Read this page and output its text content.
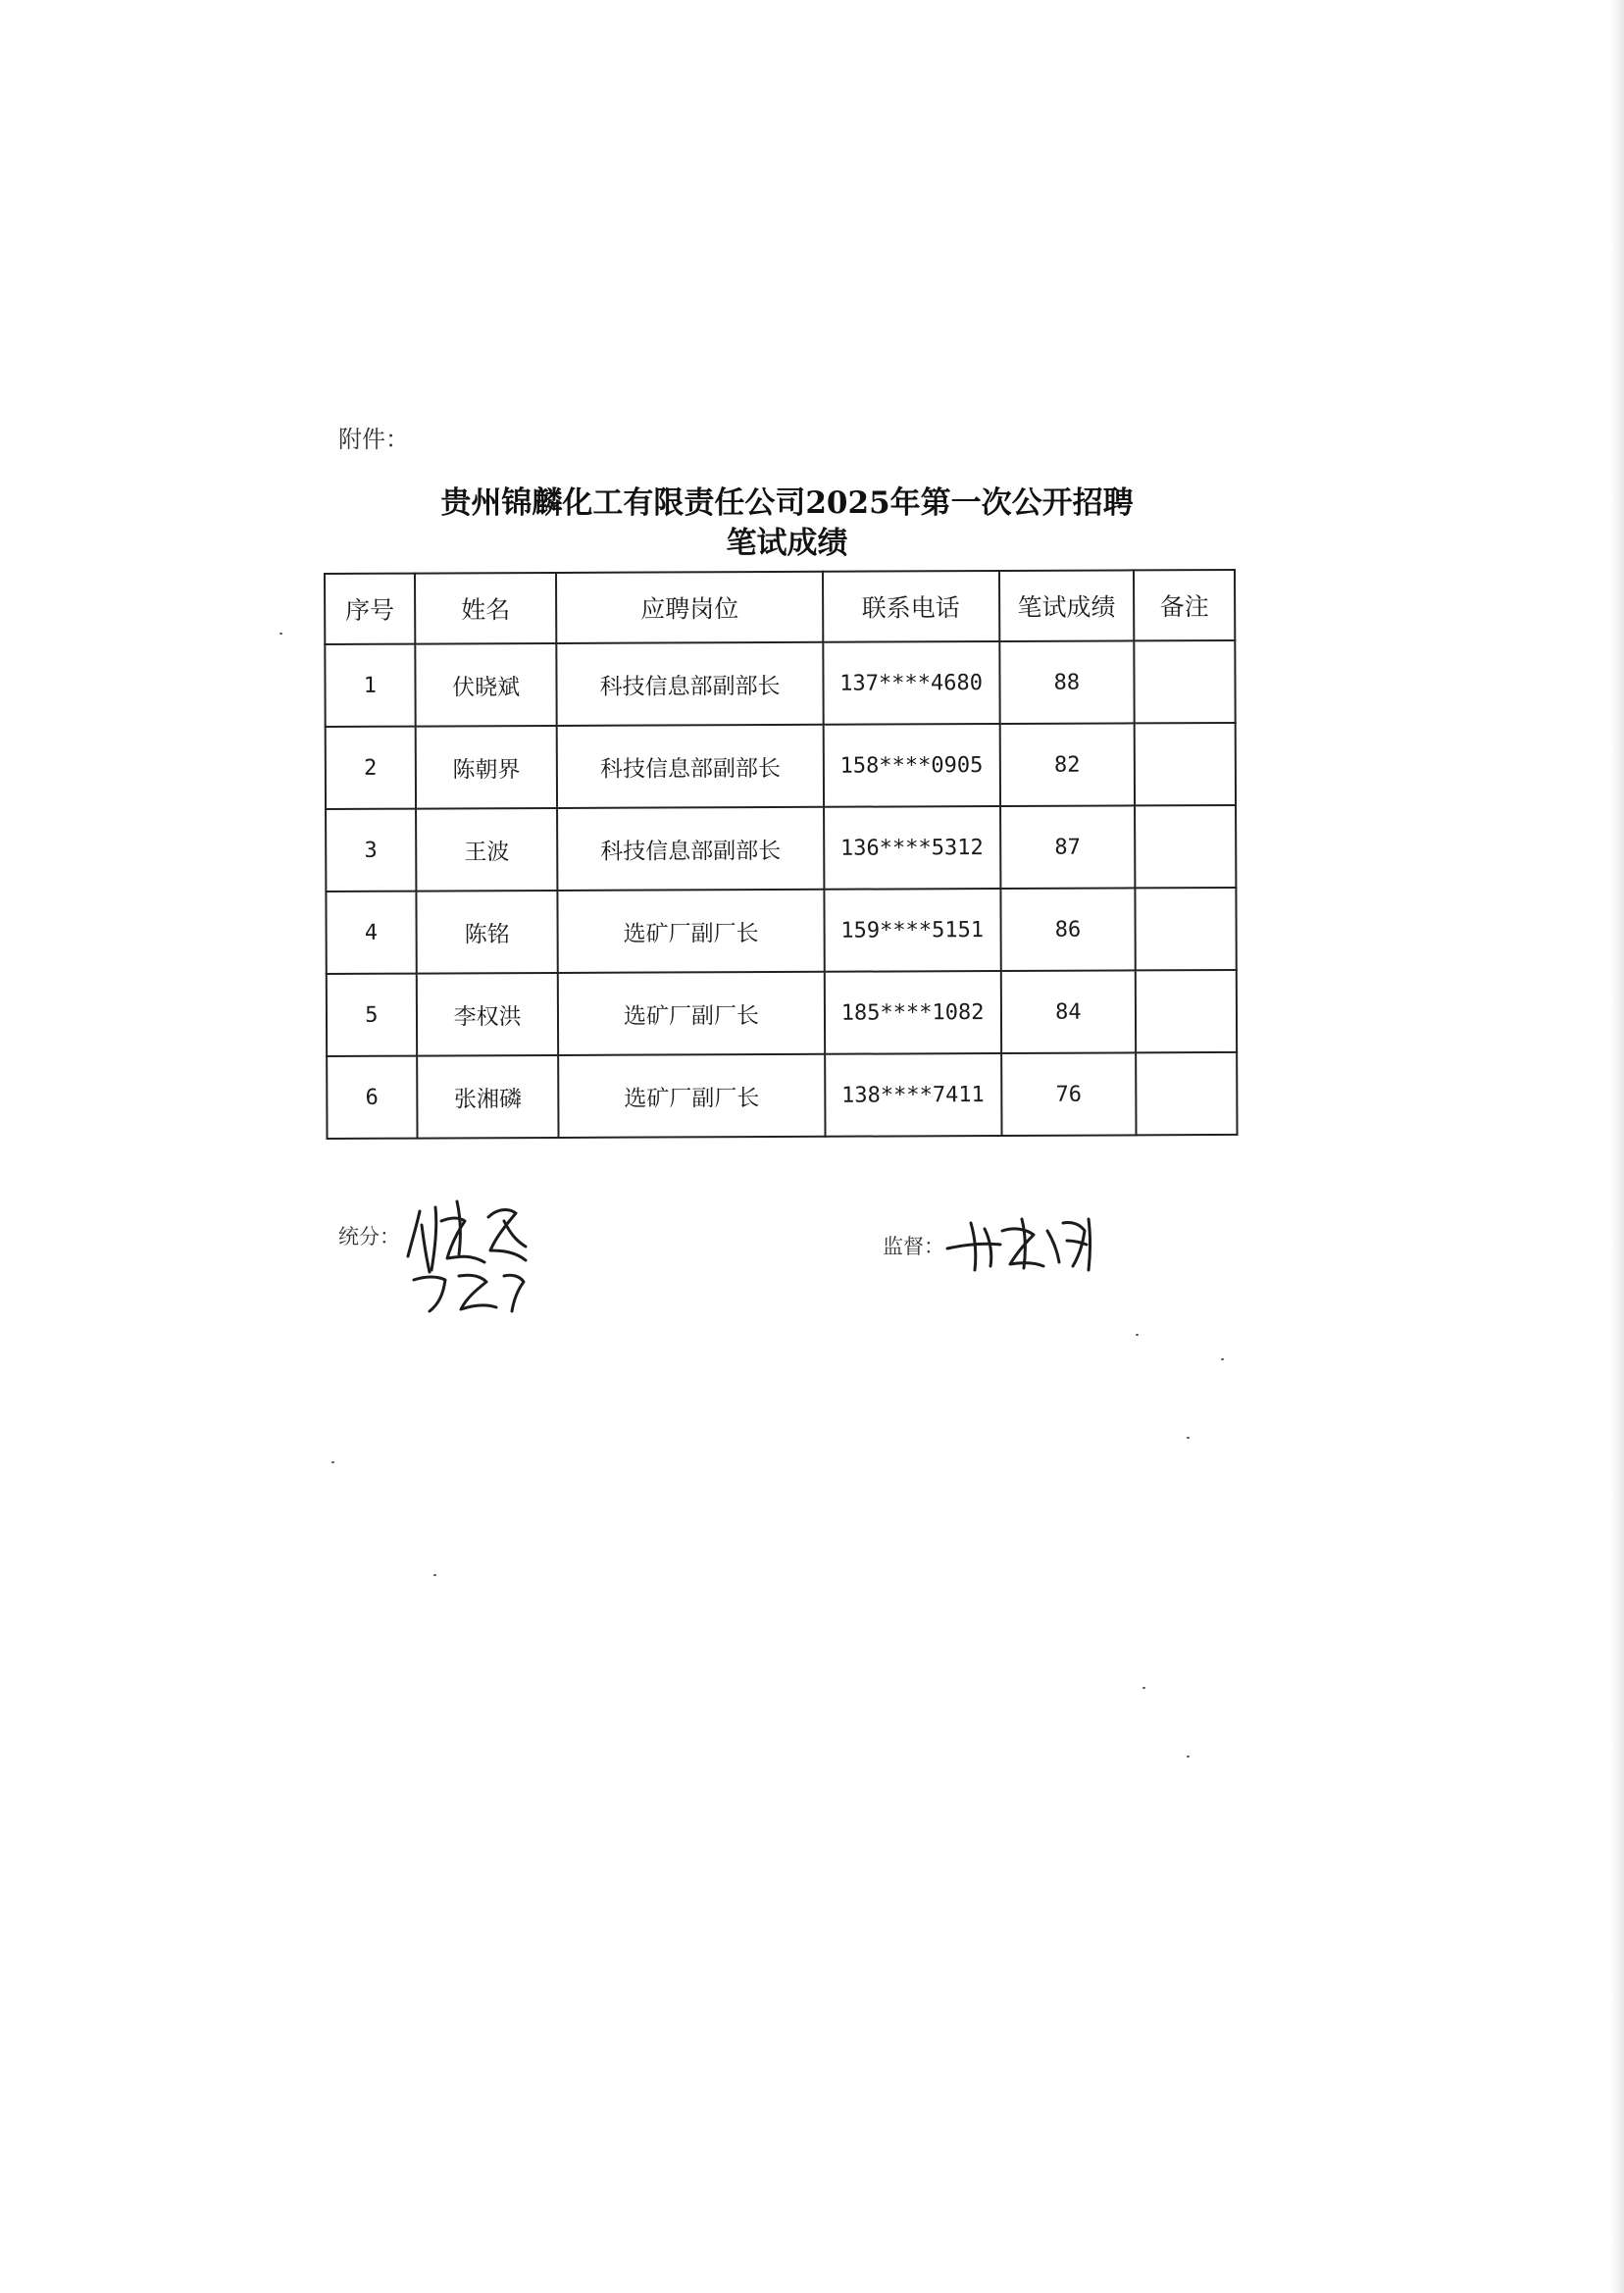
附件：
贵州锦麟化工有限责任公司2025年第一次公开招聘
笔试成绩
序号	姓名	应聘岗位	联系电话	笔试成绩	备注
1	伏晓斌	科技信息部副部长	137****4680	88	
2	陈朝界	科技信息部副部长	158****0905	82	
3	王波	科技信息部副部长	136****5312	87	
4	陈铭	选矿厂副厂长	159****5151	86	
5	李权洪	选矿厂副厂长	185****1082	84	
6	张湘磷	选矿厂副厂长	138****7411	76	
统分：	监督：
